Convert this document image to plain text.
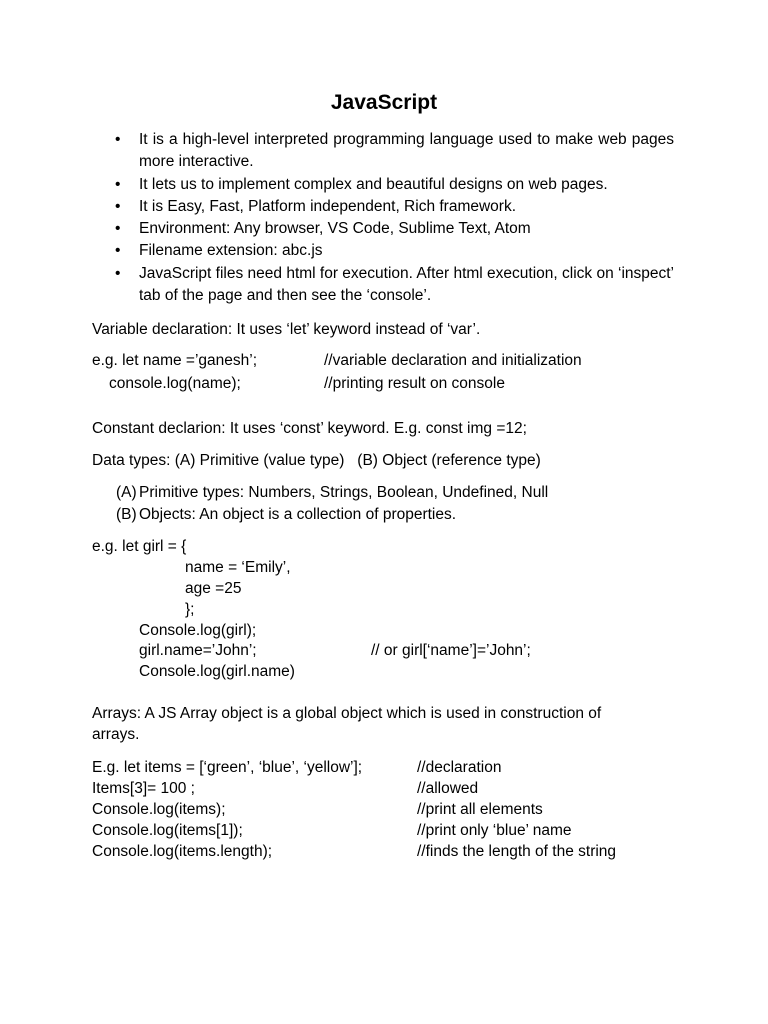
JavaScript
• It is a high-level interpreted programming language used to make web pages more interactive.
• It lets us to implement complex and beautiful designs on web pages.
• It is Easy, Fast, Platform independent, Rich framework.
• Environment: Any browser, VS Code, Sublime Text, Atom
• Filename extension: abc.js
• JavaScript files need html for execution. After html execution, click on ‘inspect’ tab of the page and then see the ‘console’.
Variable declaration: It uses ‘let’ keyword instead of ‘var’.
e.g. let name =’ganesh’;	//variable declaration and initialization
console.log(name);	//printing result on console
Constant declarion: It uses ‘const’ keyword. E.g. const img =12;
Data types: (A) Primitive (value type)   (B) Object (reference type)
(A) Primitive types: Numbers, Strings, Boolean, Undefined, Null
(B) Objects: An object is a collection of properties.
e.g. let girl = {
name = ‘Emily’,
age =25
};
Console.log(girl);
girl.name=’John’;	// or girl[‘name’]=’John’;
Console.log(girl.name)
Arrays: A JS Array object is a global object which is used in construction of
arrays.
E.g. let items = [‘green’, ‘blue’, ‘yellow’];	//declaration
Items[3]= 100 ;	//allowed
Console.log(items);	//print all elements
Console.log(items[1]);	//print only ‘blue’ name
Console.log(items.length);	//finds the length of the string
